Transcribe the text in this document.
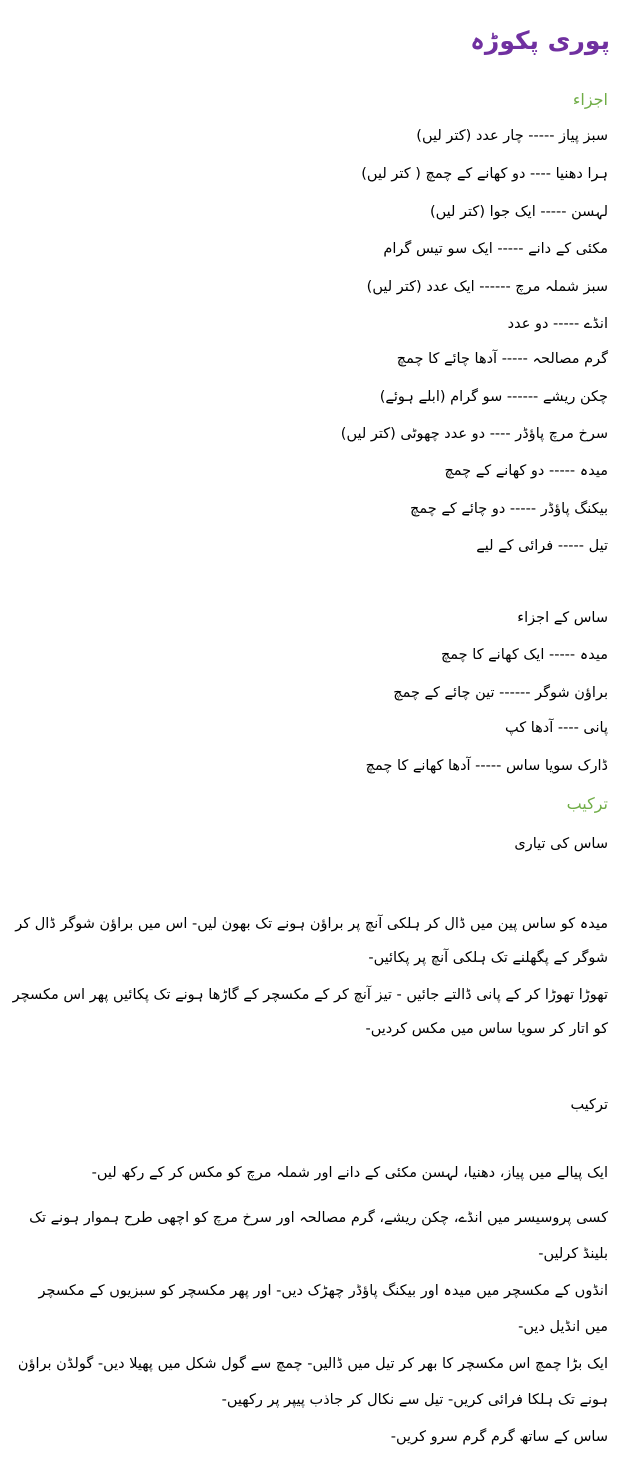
پوری پکوڑہ
اجزاء
سبز پیاز ----- چار عدد (کتر لیں)
ہرا دھنیا ---- دو کھانے کے چمچ ( کتر لیں)
لہسن ----- ایک جوا (کتر لیں)
مکئی کے دانے ----- ایک سو تیس گرام
سبز شملہ مرچ ------ ایک عدد (کتر لیں)
انڈے ----- دو عدد
گرم مصالحہ ----- آدھا چائے کا چمچ
چکن ریشے ------ سو گرام (ابلے ہوئے)
سرخ مرچ پاؤڈر ---- دو عدد چھوٹی (کتر لیں)
میدہ ----- دو کھانے کے چمچ
بیکنگ پاؤڈر ----- دو چائے کے چمچ
تیل ----- فرائی کے لیے
ساس کے اجزاء
میدہ ----- ایک کھانے کا چمچ
براؤن شوگر ------ تین چائے کے چمچ
پانی ---- آدھا کپ
ڈارک سویا ساس ----- آدھا کھانے کا چمچ
ترکیب
ساس کی تیاری
میدہ کو ساس پین میں ڈال کر ہلکی آنچ پر براؤن ہونے تک بھون لیں- اس میں براؤن شوگر ڈال کر شوگر کے پگھلنے تک ہلکی آنچ پر پکائیں-
تھوڑا تھوڑا کر کے پانی ڈالتے جائیں - تیز آنچ کر کے مکسچر کے گاڑھا ہونے تک پکائیں پھر اس مکسچر کو اتار کر سویا ساس میں مکس کردیں-
ترکیب
ایک پیالے میں پیاز، دھنیا، لہسن مکئی کے دانے اور شملہ مرچ کو مکس کر کے رکھ لیں-
کسی پروسیسر میں انڈے، چکن ریشے، گرم مصالحہ اور سرخ مرچ کو اچھی طرح ہموار ہونے تک بلینڈ کرلیں-
انڈوں کے مکسچر میں میدہ اور بیکنگ پاؤڈر چھڑک دیں- اور پھر مکسچر کو سبزیوں کے مکسچر میں انڈیل دیں-
ایک بڑا چمچ اس مکسچر کا بھر کر تیل میں ڈالیں- چمچ سے گول شکل میں پھیلا دیں- گولڈن براؤن ہونے تک ہلکا فرائی کریں- تیل سے نکال کر جاذب پیپر پر رکھیں-
ساس کے ساتھ گرم گرم سرو کریں-
